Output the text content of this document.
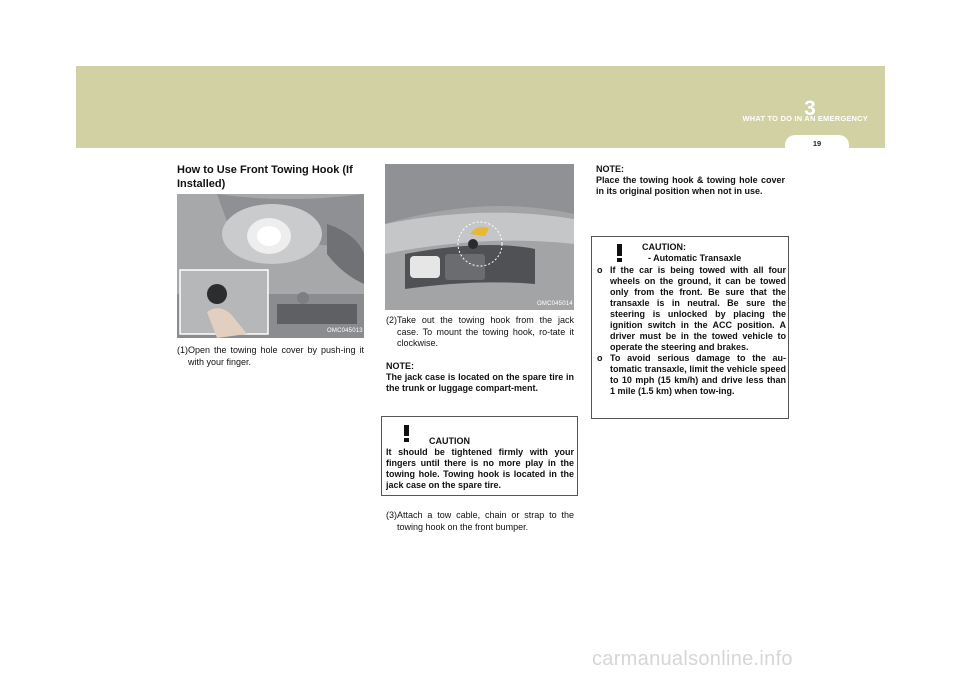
WHAT TO DO IN AN EMERGENCY
3
19
How to Use Front Towing Hook (If Installed)
OMC045013
(1)Open the towing hole cover by push-ing it with your finger.
OMC045014
(2)Take out the towing hook from the jack case. To mount the towing hook, ro-tate it clockwise.
NOTE:
The jack case is located on the spare tire in the trunk or luggage compart-ment.
CAUTION
It should be tightened firmly with your fingers until there is no more play in the towing hole. Towing hook is located in the jack case on the spare tire.
(3)Attach a tow cable, chain or strap to the towing hook on the front bumper.
NOTE:
Place the towing hook & towing hole cover in its original position when not in use.
CAUTION:
- Automatic Transaxle
o If the car is being towed with all four wheels on the ground, it can be towed only from the front. Be sure that the transaxle is in neutral. Be sure the steering is unlocked by placing the ignition switch in the ACC position. A driver must be in the towed vehicle to operate the steering and brakes.
o To avoid serious damage to the au-tomatic transaxle, limit the vehicle speed to 10 mph (15 km/h) and drive less than 1 mile (1.5 km) when tow-ing.
carmanualsonline.info
